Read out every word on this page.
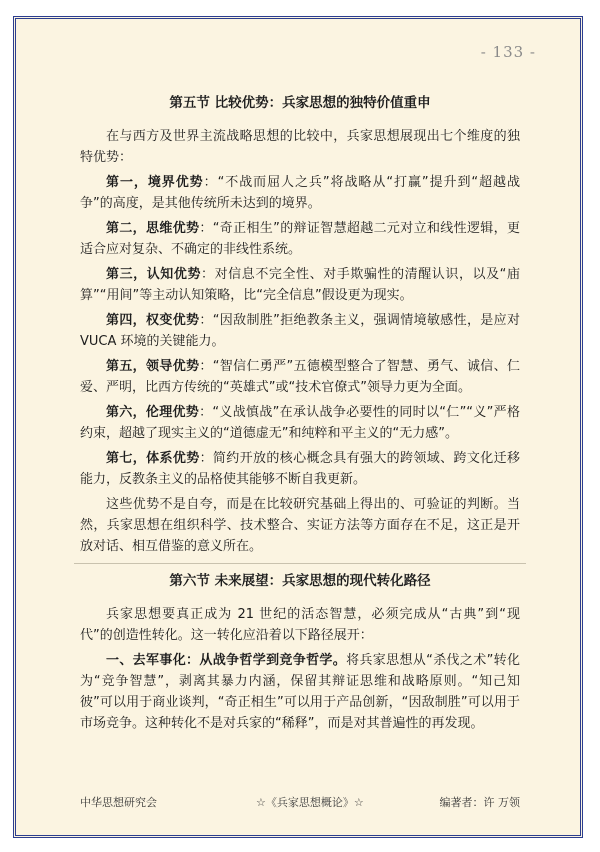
- 133 -
第五节 比较优势：兵家思想的独特价值重申

在与西方及世界主流战略思想的比较中，兵家思想展现出七个维度的独特优势：

第一，境界优势：“不战而屈人之兵”将战略从“打赢”提升到“超越战争”的高度，是其他传统所未达到的境界。

第二，思维优势：“奇正相生”的辩证智慧超越二元对立和线性逻辑，更适合应对复杂、不确定的非线性系统。

第三，认知优势：对信息不完全性、对手欺骗性的清醒认识，以及“庙算”“用间”等主动认知策略，比“完全信息”假设更为现实。

第四，权变优势：“因敌制胜”拒绝教条主义，强调情境敏感性，是应对 VUCA 环境的关键能力。

第五，领导优势：“智信仁勇严”五德模型整合了智慧、勇气、诚信、仁爱、严明，比西方传统的“英雄式”或“技术官僚式”领导力更为全面。

第六，伦理优势：“义战慎战”在承认战争必要性的同时以“仁”“义”严格约束，超越了现实主义的“道德虚无”和纯粹和平主义的“无力感”。

第七，体系优势：简约开放的核心概念具有强大的跨领域、跨文化迁移能力，反教条主义的品格使其能够不断自我更新。

这些优势不是自夸，而是在比较研究基础上得出的、可验证的判断。当然，兵家思想在组织科学、技术整合、实证方法等方面存在不足，这正是开放对话、相互借鉴的意义所在。

第六节 未来展望：兵家思想的现代转化路径

兵家思想要真正成为 21 世纪的活态智慧，必须完成从“古典”到“现代”的创造性转化。这一转化应沿着以下路径展开：

一、去军事化：从战争哲学到竞争哲学。将兵家思想从“杀伐之术”转化为“竞争智慧”，剥离其暴力内涵，保留其辩证思维和战略原则。“知己知彼”可以用于商业谈判，“奇正相生”可以用于产品创新，“因敌制胜”可以用于市场竞争。这种转化不是对兵家的“稀释”，而是对其普遍性的再发现。

中华思想研究会	☆《兵家思想概论》☆	编著者：许 万领
